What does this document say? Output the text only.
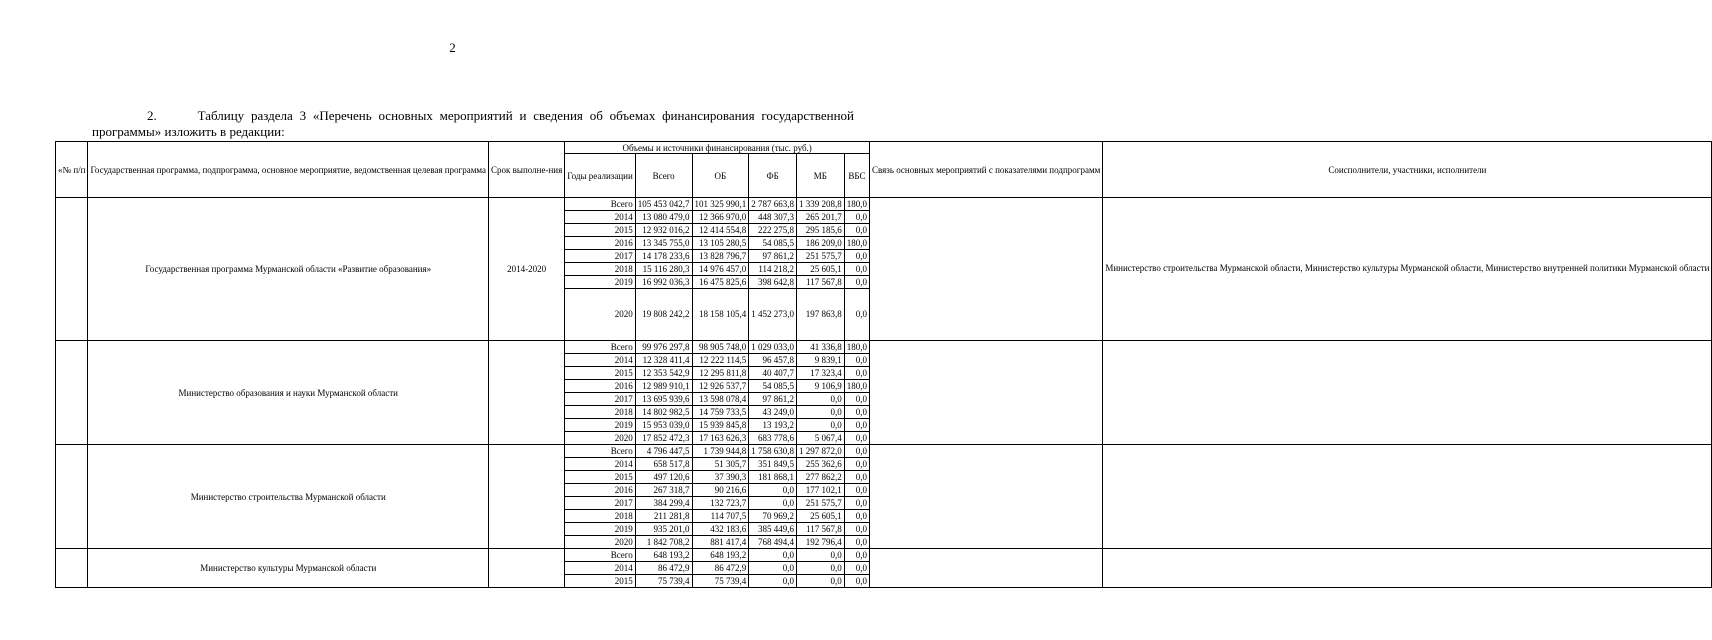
2
2.	Таблицу раздела 3 «Перечень основных мероприятий и сведения об объемах финансирования государственной программы» изложить в редакции:
«№ п/п	Государственная программа, подпрограмма, основное мероприятие, ведомственная целевая программа	Срок выполне-ния	Объемы и источники финансирования (тыс. руб.)						Связь основных мероприятий с показателями подпрограмм	Соисполнители, участники, исполнители
			Годы реализации	Всего	ОБ	ФБ	МБ	ВБС		
	Государственная программа Мурманской области «Развитие образования»	2014-2020	Всего	105 453 042,7	101 325 990,1	2 787 663,8	1 339 208,8	180,0		Министерство строительства Мурманской области, Министерство культуры Мурманской области, Министерство внутренней политики Мурманской области
			2014	13 080 479,0	12 366 970,0	448 307,3	265 201,7	0,0		
			2015	12 932 016,2	12 414 554,8	222 275,8	295 185,6	0,0		
			2016	13 345 755,0	13 105 280,5	54 085,5	186 209,0	180,0		
			2017	14 178 233,6	13 828 796,7	97 861,2	251 575,7	0,0		
			2018	15 116 280,3	14 976 457,0	114 218,2	25 605,1	0,0		
			2019	16 992 036,3	16 475 825,6	398 642,8	117 567,8	0,0		
			2020	19 808 242,2	18 158 105,4	1 452 273,0	197 863,8	0,0		
	Министерство образования и науки Мурманской области		Всего	99 976 297,8	98 905 748,0	1 029 033,0	41 336,8	180,0		
			2014	12 328 411,4	12 222 114,5	96 457,8	9 839,1	0,0		
			2015	12 353 542,9	12 295 811,8	40 407,7	17 323,4	0,0		
			2016	12 989 910,1	12 926 537,7	54 085,5	9 106,9	180,0		
			2017	13 695 939,6	13 598 078,4	97 861,2	0,0	0,0		
			2018	14 802 982,5	14 759 733,5	43 249,0	0,0	0,0		
			2019	15 953 039,0	15 939 845,8	13 193,2	0,0	0,0		
			2020	17 852 472,3	17 163 626,3	683 778,6	5 067,4	0,0		
	Министерство строительства Мурманской области		Всего	4 796 447,5	1 739 944,8	1 758 630,8	1 297 872,0	0,0		
			2014	658 517,8	51 305,7	351 849,5	255 362,6	0,0		
			2015	497 120,6	37 390,3	181 868,1	277 862,2	0,0		
			2016	267 318,7	90 216,6	0,0	177 102,1	0,0		
			2017	384 299,4	132 723,7	0,0	251 575,7	0,0		
			2018	211 281,8	114 707,5	70 969,2	25 605,1	0,0		
			2019	935 201,0	432 183,6	385 449,6	117 567,8	0,0		
			2020	1 842 708,2	881 417,4	768 494,4	192 796,4	0,0		
	Министерство культуры Мурманской области		Всего	648 193,2	648 193,2	0,0	0,0	0,0		
			2014	86 472,9	86 472,9	0,0	0,0	0,0		
			2015	75 739,4	75 739,4	0,0	0,0	0,0		
